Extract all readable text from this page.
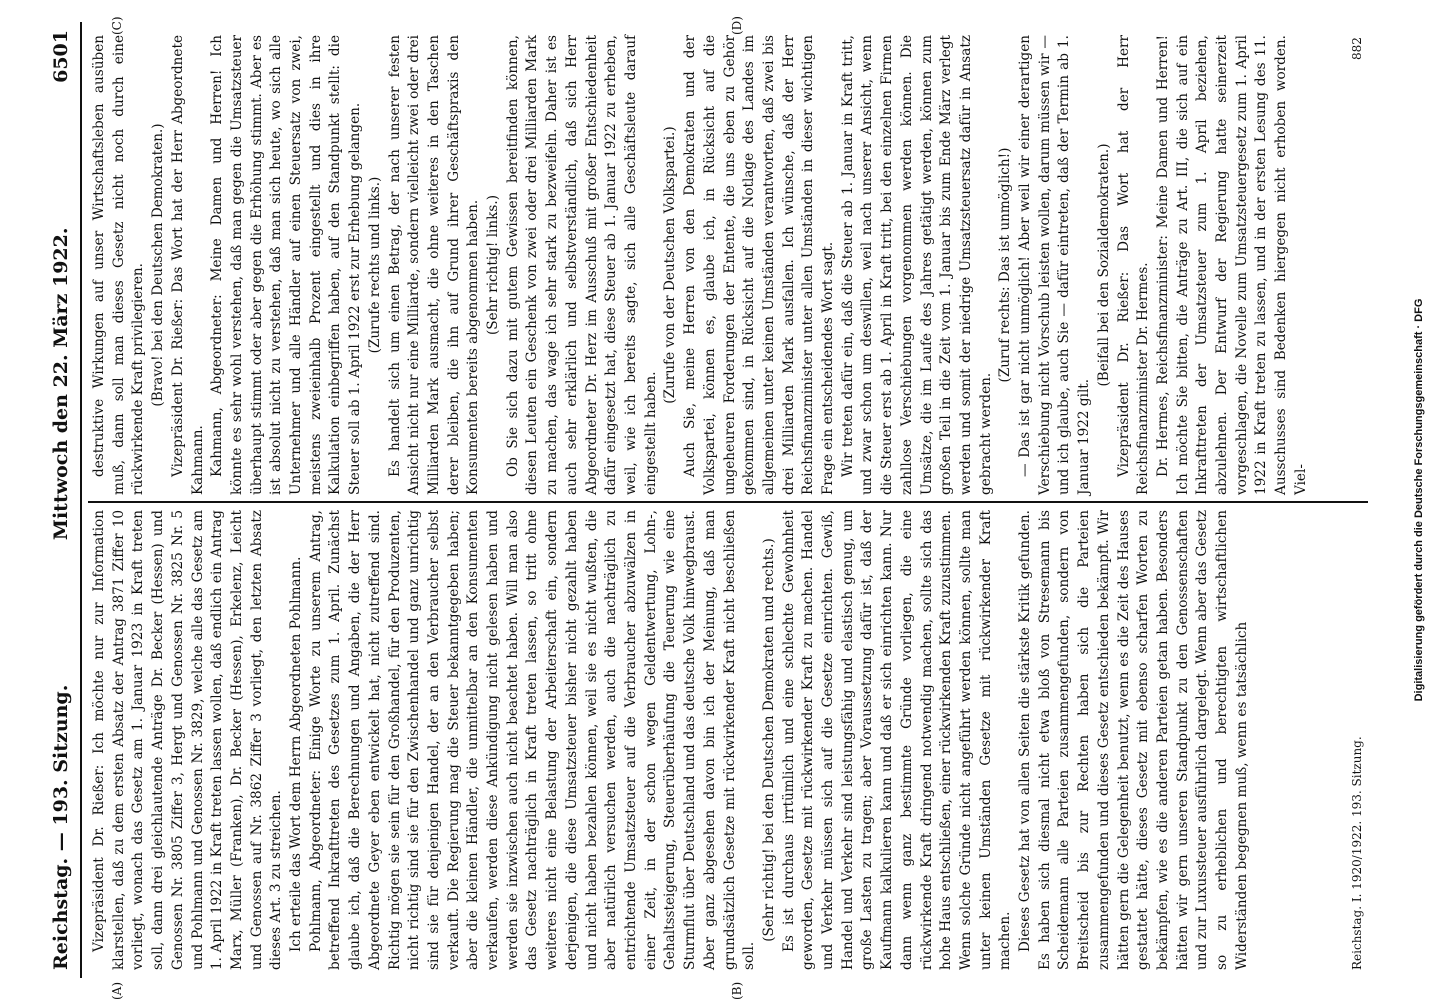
Reichstag. — 193. Sitzung.
Mittwoch den 22. März 1922.
6501
(A)	(B)
(C)	(D)

Vizepräsident Dr. Rießer: Ich möchte nur zur Information klarstellen, daß zu dem ersten Absatz der Antrag 3871 Ziffer 10 vorliegt, wonach das Gesetz am 1. Januar 1923 in Kraft treten soll, dann drei gleichlautende Anträge Dr. Becker (Hessen) und Genossen Nr. 3805 Ziffer 3, Hergt und Genossen Nr. 3825 Nr. 5 und Pohlmann und Genossen Nr. 3829, welche alle das Gesetz am 1. April 1922 in Kraft treten lassen wollen, daß endlich ein Antrag Marx, Müller (Franken), Dr. Becker (Hessen), Erkelenz, Leicht und Genossen auf Nr. 3862 Ziffer 3 vorliegt, den letzten Absatz dieses Art. 3 zu streichen. Ich erteile das Wort dem Herrn Abgeordneten Pohlmann. Pohlmann, Abgeordneter: Einige Worte zu unserem Antrag, betreffend Inkrafttreten des Gesetzes zum 1. April. Zunächst glaube ich, daß die Berechnungen und Angaben, die der Herr Abgeordnete Geyer eben entwickelt hat, nicht zutreffend sind. Richtig mögen sie sein für den Großhandel, für den Produzenten, nicht richtig sind sie für den Zwischenhandel und ganz unrichtig sind sie für denjenigen Handel, der an den Verbraucher selbst verkauft. Die Regierung mag die Steuer bekanntgegeben haben; aber die kleinen Händler, die unmittelbar an den Konsumenten verkaufen, werden diese Ankündigung nicht gelesen haben und werden sie inzwischen auch nicht beachtet haben. Will man also das Gesetz nachträglich in Kraft treten lassen, so tritt ohne weiteres nicht eine Belastung der Arbeiterschaft ein, sondern derjenigen, die diese Umsatzsteuer bisher nicht gezahlt haben und nicht haben bezahlen können, weil sie es nicht wußten, die aber natürlich versuchen werden, auch die nachträglich zu entrichtende Umsatzsteuer auf die Verbraucher abzuwälzen in einer Zeit, in der schon wegen Geldentwertung, Lohn-, Gehaltssteigerung, Steuerüberhäufung die Teuerung wie eine Sturmflut über Deutschland und das deutsche Volk hinwegbraust. Aber ganz abgesehen davon bin ich der Meinung, daß man grundsätzlich Gesetze mit rückwirkender Kraft nicht beschließen soll.

(Sehr richtig! bei den Deutschen Demokraten und rechts.) Es ist durchaus irrtümlich und eine schlechte Gewohnheit geworden, Gesetze mit rückwirkender Kraft zu machen. Handel und Verkehr müssen sich auf die Gesetze einrichten. Gewiß, Handel und Verkehr sind leistungsfähig und elastisch genug, um große Lasten zu tragen; aber Voraussetzung dafür ist, daß der Kaufmann kalkulieren kann und daß er sich einrichten kann. Nur dann wenn ganz bestimmte Gründe vorliegen, die eine rückwirkende Kraft dringend notwendig machen, sollte sich das hohe Haus entschließen, einer rückwirkenden Kraft zuzustimmen. Wenn solche Gründe nicht angeführt werden können, sollte man unter keinen Umständen Gesetze mit rückwirkender Kraft machen. Dieses Gesetz hat von allen Seiten die stärkste Kritik gefunden. Es haben sich diesmal nicht etwa bloß von Stresemann bis Scheidemann alle Parteien zusammengefunden, sondern von Breitscheid bis zur Rechten haben sich die Parteien zusammengefunden und dieses Gesetz entschieden bekämpft. Wir hätten gern die Gelegenheit benutzt, wenn es die Zeit des Hauses gestattet hätte, dieses Gesetz mit ebenso scharfen Worten zu bekämpfen, wie es die anderen Parteien getan haben. Besonders hätten wir gern unseren Standpunkt zu den Genossenschaften und zur Luxussteuer ausführlich dargelegt. Wenn aber das Gesetz so zu erheblichen und berechtigten wirtschaftlichen Widerständen begegnen muß, wenn es tatsächlich

destruktive Wirkungen auf unser Wirtschaftsleben ausüben muß, dann soll man dieses Gesetz nicht noch durch eine rückwirkende Kraft privilegieren. (Bravo! bei den Deutschen Demokraten.) Vizepräsident Dr. Rießer: Das Wort hat der Herr Abgeordnete Kahmann. Kahmann, Abgeordneter: Meine Damen und Herren! Ich könnte es sehr wohl verstehen, daß man gegen die Umsatzsteuer überhaupt stimmt oder aber gegen die Erhöhung stimmt. Aber es ist absolut nicht zu verstehen, daß man sich heute, wo sich alle Unternehmer und alle Händler auf einen Steuersatz von zwei, meistens zweieinhalb Prozent eingestellt und dies in ihre Kalkulation einbegriffen haben, auf den Standpunkt stellt: die Steuer soll ab 1. April 1922 erst zur Erhebung gelangen. (Zurufe rechts und links.) Es handelt sich um einen Betrag, der nach unserer festen Ansicht nicht nur eine Milliarde, sondern vielleicht zwei oder drei Milliarden Mark ausmacht, die ohne weiteres in den Taschen derer bleiben, die ihn auf Grund ihrer Geschäftspraxis den Konsumenten bereits abgenommen haben. (Sehr richtig! links.) Ob Sie sich dazu mit gutem Gewissen bereitfinden können, diesen Leuten ein Geschenk von zwei oder drei Milliarden Mark zu machen, das wage ich sehr stark zu bezweifeln. Daher ist es auch sehr erklärlich und selbstverständlich, daß sich Herr Abgeordneter Dr. Herz im Ausschuß mit großer Entschiedenheit dafür eingesetzt hat, diese Steuer ab 1. Januar 1922 zu erheben, weil, wie ich bereits sagte, sich alle Geschäftsleute darauf eingestellt haben.

(Zurufe von der Deutschen Volkspartei.) Auch Sie, meine Herren von den Demokraten und der Volkspartei, können es, glaube ich, in Rücksicht auf die ungeheuren Forderungen der Entente, die uns eben zu Gehör gekommen sind, in Rücksicht auf die Notlage des Landes im allgemeinen unter keinen Umständen verantworten, daß zwei bis drei Milliarden Mark ausfallen. Ich wünsche, daß der Herr Reichsfinanzminister unter allen Umständen in dieser wichtigen Frage ein entscheidendes Wort sagt. Wir treten dafür ein, daß die Steuer ab 1. Januar in Kraft tritt, und zwar schon um deswillen, weil nach unserer Ansicht, wenn die Steuer erst ab 1. April in Kraft tritt, bei den einzelnen Firmen zahllose Verschiebungen vorgenommen werden können. Die Umsätze, die im Laufe des Jahres getätigt werden, können zum großen Teil in die Zeit vom 1. Januar bis zum Ende März verlegt werden und somit der niedrige Umsatzsteuersatz dafür in Ansatz gebracht werden.

(Zuruf rechts: Das ist unmöglich!) — Das ist gar nicht unmöglich! Aber weil wir einer derartigen Verschiebung nicht Vorschub leisten wollen, darum müssen wir — und ich glaube, auch Sie — dafür eintreten, daß der Termin ab 1. Januar 1922 gilt.

(Beifall bei den Sozialdemokraten.) Vizepräsident Dr. Rießer: Das Wort hat der Herr Reichsfinanzminister Dr. Hermes. Dr. Hermes, Reichsfinanzminister: Meine Damen und Herren! Ich möchte Sie bitten, die Anträge zu Art. III, die sich auf ein Inkrafttreten der Umsatzsteuer zum 1. April beziehen, abzulehnen. Der Entwurf der Regierung hatte seinerzeit vorgeschlagen, die Novelle zum Umsatzsteuergesetz zum 1. April 1922 in Kraft treten zu lassen, und in der ersten Lesung des 11. Ausschusses sind Bedenken hiergegen nicht erhoben worden. Viel-

Reichstag. I. 1920/1922. 193. Sitzung.
882
Digitalisierung gefördert durch die Deutsche Forschungsgemeinschaft · DFG
